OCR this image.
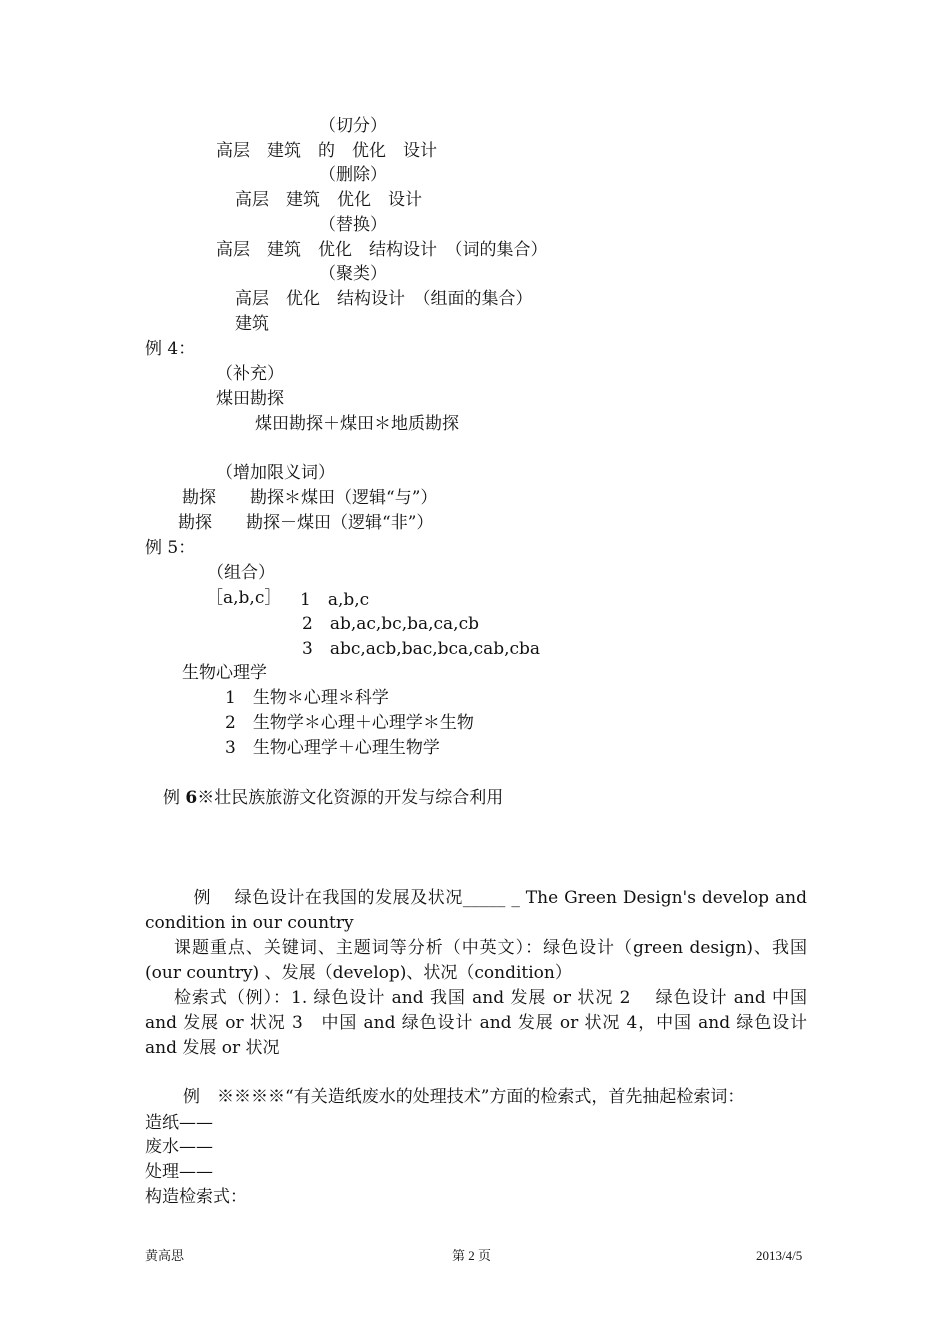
（切分）
高层　建筑　的　优化　设计
（删除）
高层　建筑　优化　设计
（替换）
高层　建筑　优化　结构设计　（词的集合）
（聚类）
高层　优化　结构设计　（组面的集合）
建筑
例 4：
（补充）
煤田勘探
煤田勘探＋煤田＊地质勘探
（增加限义词）
勘探　　勘探＊煤田（逻辑“与”）
勘探　　勘探－煤田（逻辑“非”）
例 5：
（组合）
［a,b,c］ 1　a,b,c
2　ab,ac,bc,ba,ca,cb
3　abc,acb,bac,bca,cab,cba
生物心理学
1　生物＊心理＊科学
2　生物学＊心理＋心理学＊生物
3　生物心理学＋心理生物学
例 6※壮民族旅游文化资源的开发与综合利用
例　 绿色设计在我国的发展及状况_____ _ The Green Design's develop and　condition in our country
课题重点、关键词、主题词等分析（中英文）：绿色设计（green design)、我国(our country) 、发展（develop)、状况（condition）
检索式（例）：1. 绿色设计 and 我国 and 发展 or 状况 2　 绿色设计 and 中国 and 发展 or 状况 3　中国 and 绿色设计 and 发展 or 状况 4，中国 and 绿色设计 and 发展 or 状况
例　※※※※“有关造纸废水的处理技术”方面的检索式，首先抽起检索词：
造纸——
废水——
处理——
构造检索式：
黄高思	第 2 页	2013/4/5
